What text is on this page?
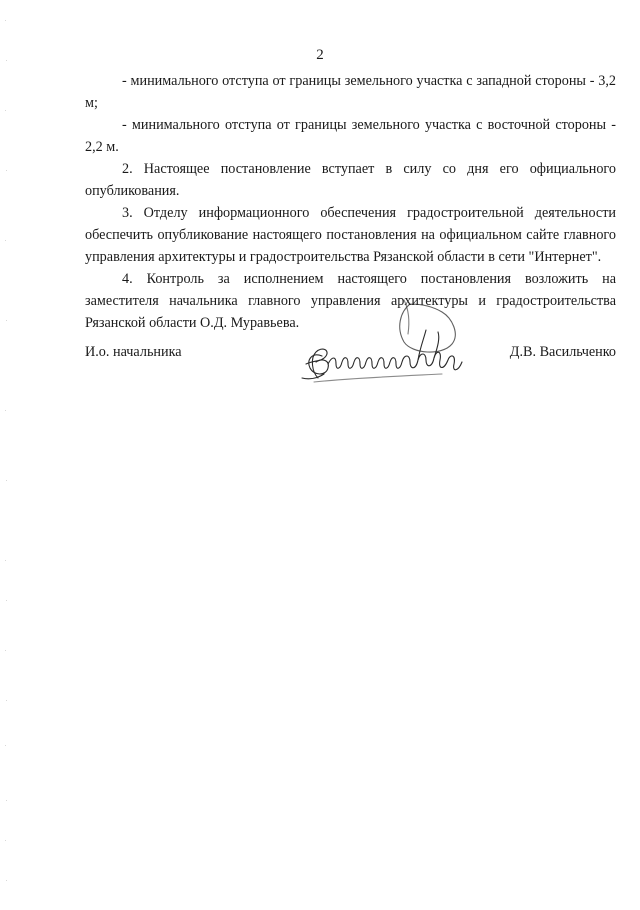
2

- минимального отступа от границы земельного участка с западной стороны - 3,2 м;

- минимального отступа от границы земельного участка с восточной стороны - 2,2 м.

2. Настоящее постановление вступает в силу со дня его официального опубликования.

3. Отделу информационного обеспечения градостроительной деятельности обеспечить опубликование настоящего постановления на официальном сайте главного управления архитектуры и градостроительства Рязанской области в сети "Интернет".

4. Контроль за исполнением настоящего постановления возложить на заместителя начальника главного управления архитектуры и градостроительства Рязанской области О.Д. Муравьева.

И.о. начальника	Д.В. Васильченко
